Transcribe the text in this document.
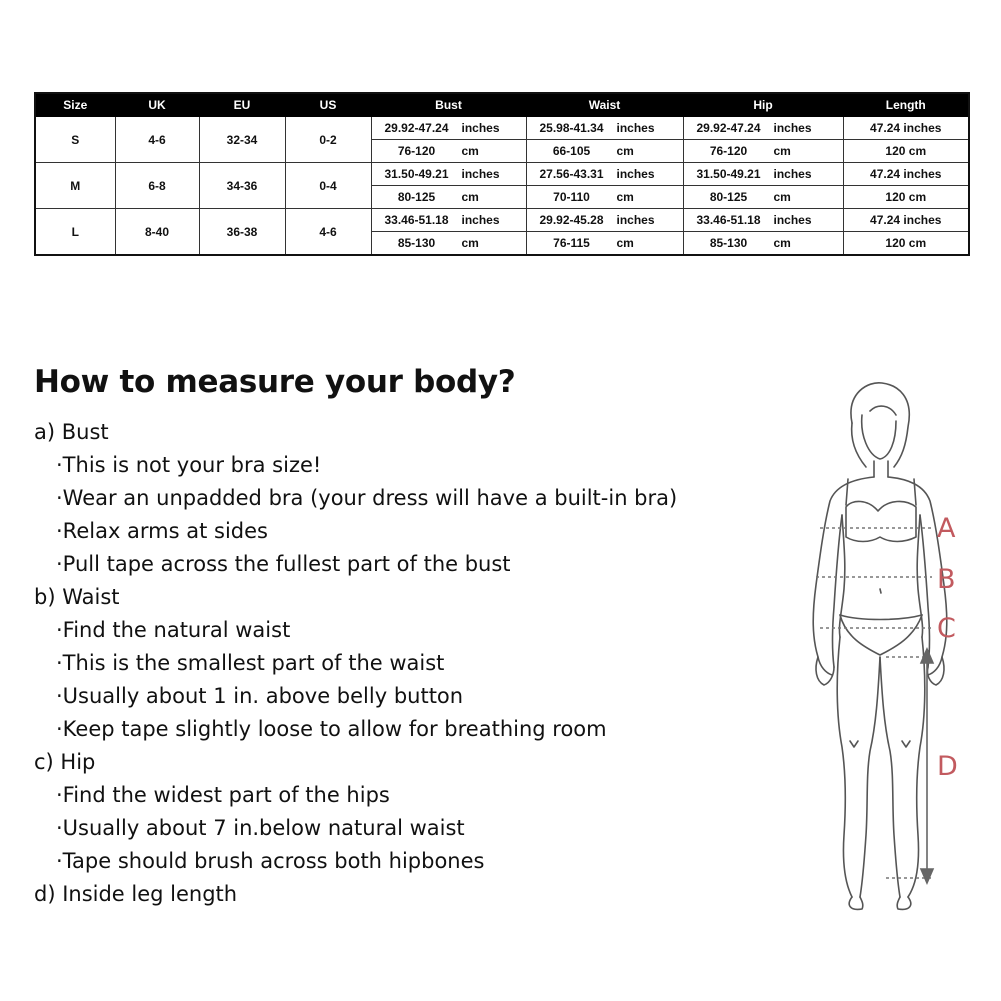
Size	UK	EU	US	Bust	Waist	Hip	Length
S	4-6	32-34	0-2	29.92-47.24 inches	25.98-41.34 inches	29.92-47.24 inches	47.24 inches
				76-120 cm	66-105 cm	76-120 cm	120 cm
M	6-8	34-36	0-4	31.50-49.21 inches	27.56-43.31 inches	31.50-49.21 inches	47.24 inches
				80-125 cm	70-110 cm	80-125 cm	120 cm
L	8-40	36-38	4-6	33.46-51.18 inches	29.92-45.28 inches	33.46-51.18 inches	47.24 inches
				85-130 cm	76-115 cm	85-130 cm	120 cm
How to measure your body?

a) Bust

·This is not your bra size!

·Wear an unpadded bra (your dress will have a built-in bra)

·Relax arms at sides

·Pull tape across the fullest part of the bust

b) Waist

·Find the natural waist

·This is the smallest part of the waist

·Usually about 1 in. above belly button

·Keep tape slightly loose to allow for breathing room

c) Hip

·Find the widest part of the hips

·Usually about 7 in.below natural waist

·Tape should brush across both hipbones

d) Inside leg length

A
B
C
D
